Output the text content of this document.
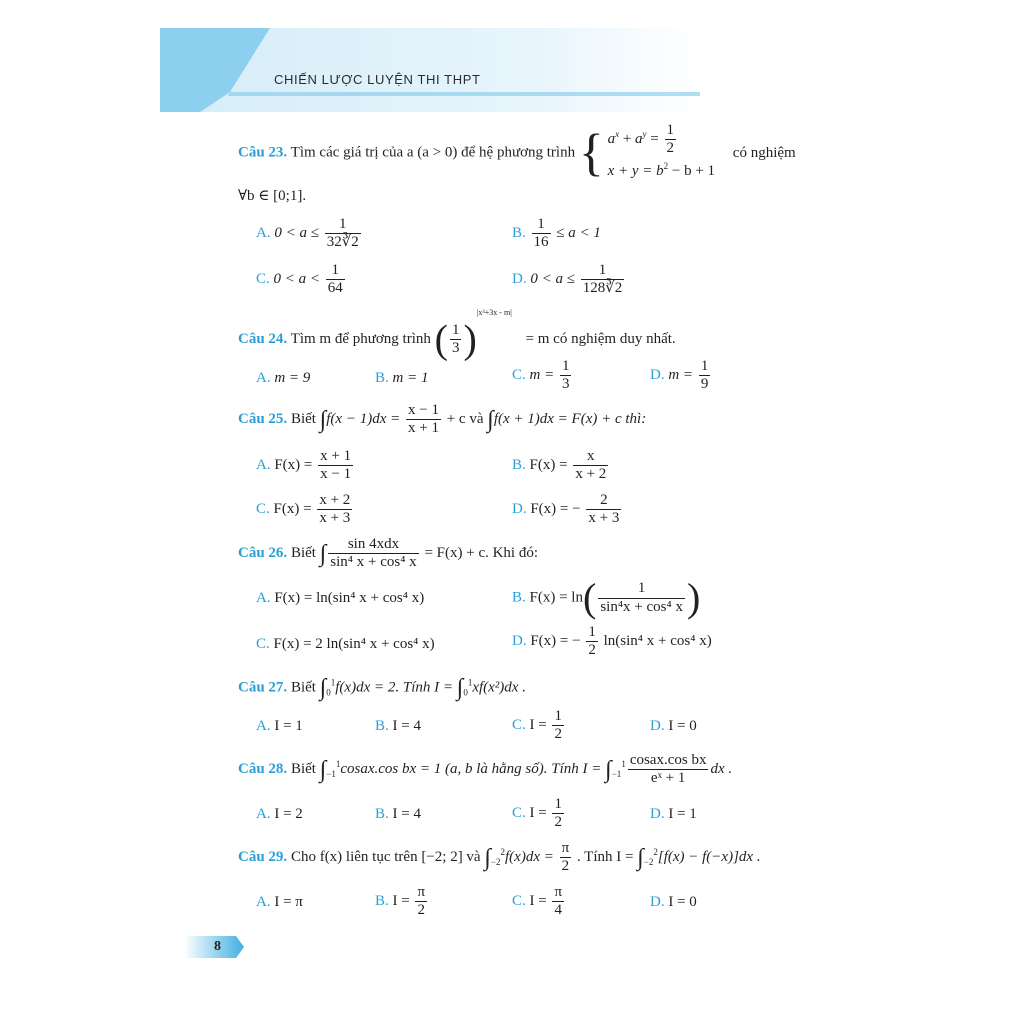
CHIẾN LƯỢC LUYỆN THI THPT
Câu 23. Tìm các giá trị của a (a > 0) để hệ phương trình { $a^x + a^y = \frac{1}{2}$
$x + y = b^2 - b + 1$
có nghiệm
∀b ∈ [0;1].
A. $0 < a \le \frac{1}{32∛2}$	B. $\frac{1}{16} \le a < 1$
C. $0 < a < \frac{1}{64}$	D. $0 < a \le \frac{1}{128∛2}$
Câu 24. Tìm m để phương trình ( $\frac{1}{3} )^{|x^3+3x - m|} = m$ có nghiệm duy nhất.
A. m = 9	B. m = 1	C. $m = \frac{1}{3}$	D. $m = \frac{1}{9}$
Câu 25. Biết $\int f(x - 1)dx = \frac{x - 1}{x + 1} + c$ và ∫f(x + 1)dx = F(x) + c thì:
A. $F(x) = \frac{x + 1}{x - 1}$	B. $F(x) = \frac{x}{x + 2}$
C. $F(x) = \frac{x + 2}{x + 3}$	D. F(x) = − $\frac{2}{x + 3}$
Câu 26. Biết ∫ $\frac{\text{sin 4xdx}}{\text{sin⁴ x + cos⁴ x}} = F(x) + c$. Khi đó:
A. F(x) = ln(sin⁴ x + cos⁴ x)	B. $F(x) = \ln( \frac{1}{\text{sin⁴x + cos⁴ x}}$ )
C. F(x) = 2 ln(sin⁴ x + cos⁴ x)	D. F(x) = − $\frac{1}{2} \ln(\sin^4$ x + cos⁴ x)
Câu 27. Biết $\int_0^1f(x)dx = 2$. Tính $I = \int_0^1xf(x^2)dx$ .
A. I = 1	B. I = 4	C. $I = \frac{1}{2}$	D. I = 0
Câu 28. Biết $\int_{-1}^1cosax.\cos$ bx = 1 (a, b là hằng số). Tính $I = \int_{-1}^1 \frac{\text{cosax.cos bx}}{\text{eˣ + 1}}$ dx .
A. I = 2	B. I = 4	C. $I = \frac{1}{2}$	D. I = 1
Câu 29. Cho f(x) liên tục trên [−2; 2] và $\int_{-2}^2f(x)dx = \frac{\pi}{2}$ . Tính $I = \int_{-2}^2[f(x) - f(-x)]dx$ .
A. I = π	B. $I = \frac{\pi}{2}$	C. $I = \frac{\pi}{4}$	D. I = 0
8
